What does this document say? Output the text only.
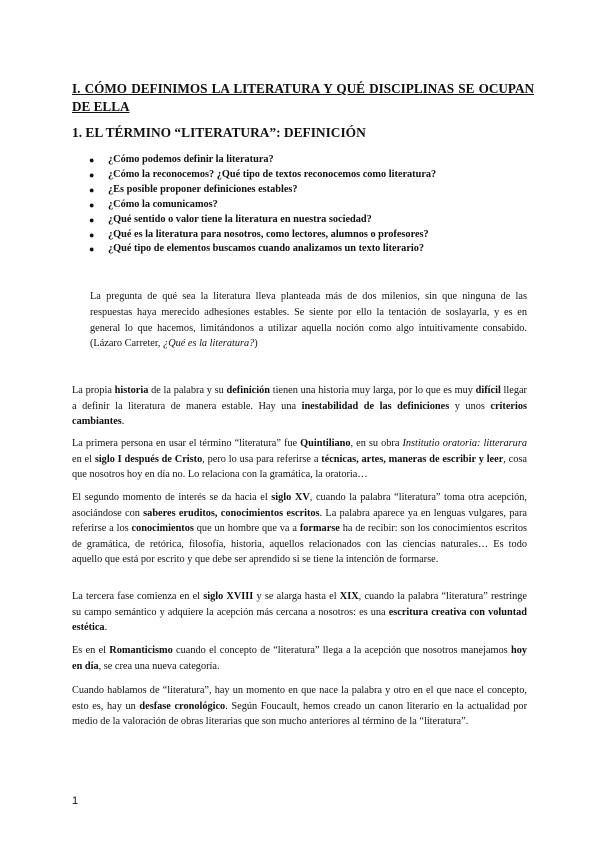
I. CÓMO DEFINIMOS LA LITERATURA Y QUÉ DISCIPLINAS SE OCUPAN DE ELLA
1. EL TÉRMINO “LITERATURA”: DEFINICIÓN
● ¿Cómo podemos definir la literatura?
● ¿Cómo la reconocemos? ¿Qué tipo de textos reconocemos como literatura?
● ¿Es posible proponer definiciones estables?
● ¿Cómo la comunicamos?
● ¿Qué sentido o valor tiene la literatura en nuestra sociedad?
● ¿Qué es la literatura para nosotros, como lectores, alumnos o profesores?
● ¿Qué tipo de elementos buscamos cuando analizamos un texto literario?
La pregunta de qué sea la literatura lleva planteada más de dos milenios, sin que ninguna de las respuestas haya merecido adhesiones estables. Se siente por ello la tentación de soslayarla, y es en general lo que hacemos, limitándonos a utilizar aquella noción como algo intuitivamente consabido. (Lázaro Carreter, ¿Qué es la literatura?)

La propia historia de la palabra y su definición tienen una historia muy larga, por lo que es muy difícil llegar a definir la literatura de manera estable. Hay una inestabilidad de las definiciones y unos criterios cambiantes.

La primera persona en usar el término “literatura” fue Quintiliano, en su obra Institutio oratoria: litterarura en el siglo I después de Cristo, pero lo usa para referirse a técnicas, artes, maneras de escribir y leer, cosa que nosotros hoy en día no. Lo relaciona con la gramática, la oratoria…

El segundo momento de interés se da hacia el siglo XV, cuando la palabra “literatura” toma otra acepción, asociándose con saberes eruditos, conocimientos escritos. La palabra aparece ya en lenguas vulgares, para referirse a los conocimientos que un hombre que va a formarse ha de recibir: son los conocimientos escritos de gramática, de retórica, filosofía, historia, aquellos relacionados con las ciencias naturales… Es todo aquello que está por escrito y que debe ser aprendido si se tiene la intención de formarse.

La tercera fase comienza en el siglo XVIII y se alarga hasta el XIX, cuando la palabra “literatura” restringe su campo semántico y adquiere la acepción más cercana a nosotros: es una escritura creativa con voluntad estética.

Es en el Romanticismo cuando el concepto de “literatura” llega a la acepción que nosotros manejamos hoy en día, se crea una nueva categoría.

Cuando hablamos de “literatura”, hay un momento en que nace la palabra y otro en el que nace el concepto, esto es, hay un desfase cronológico. Según Foucault, hemos creado un canon literario en la actualidad por medio de la valoración de obras literarias que son mucho anteriores al término de la “literatura”.

1
